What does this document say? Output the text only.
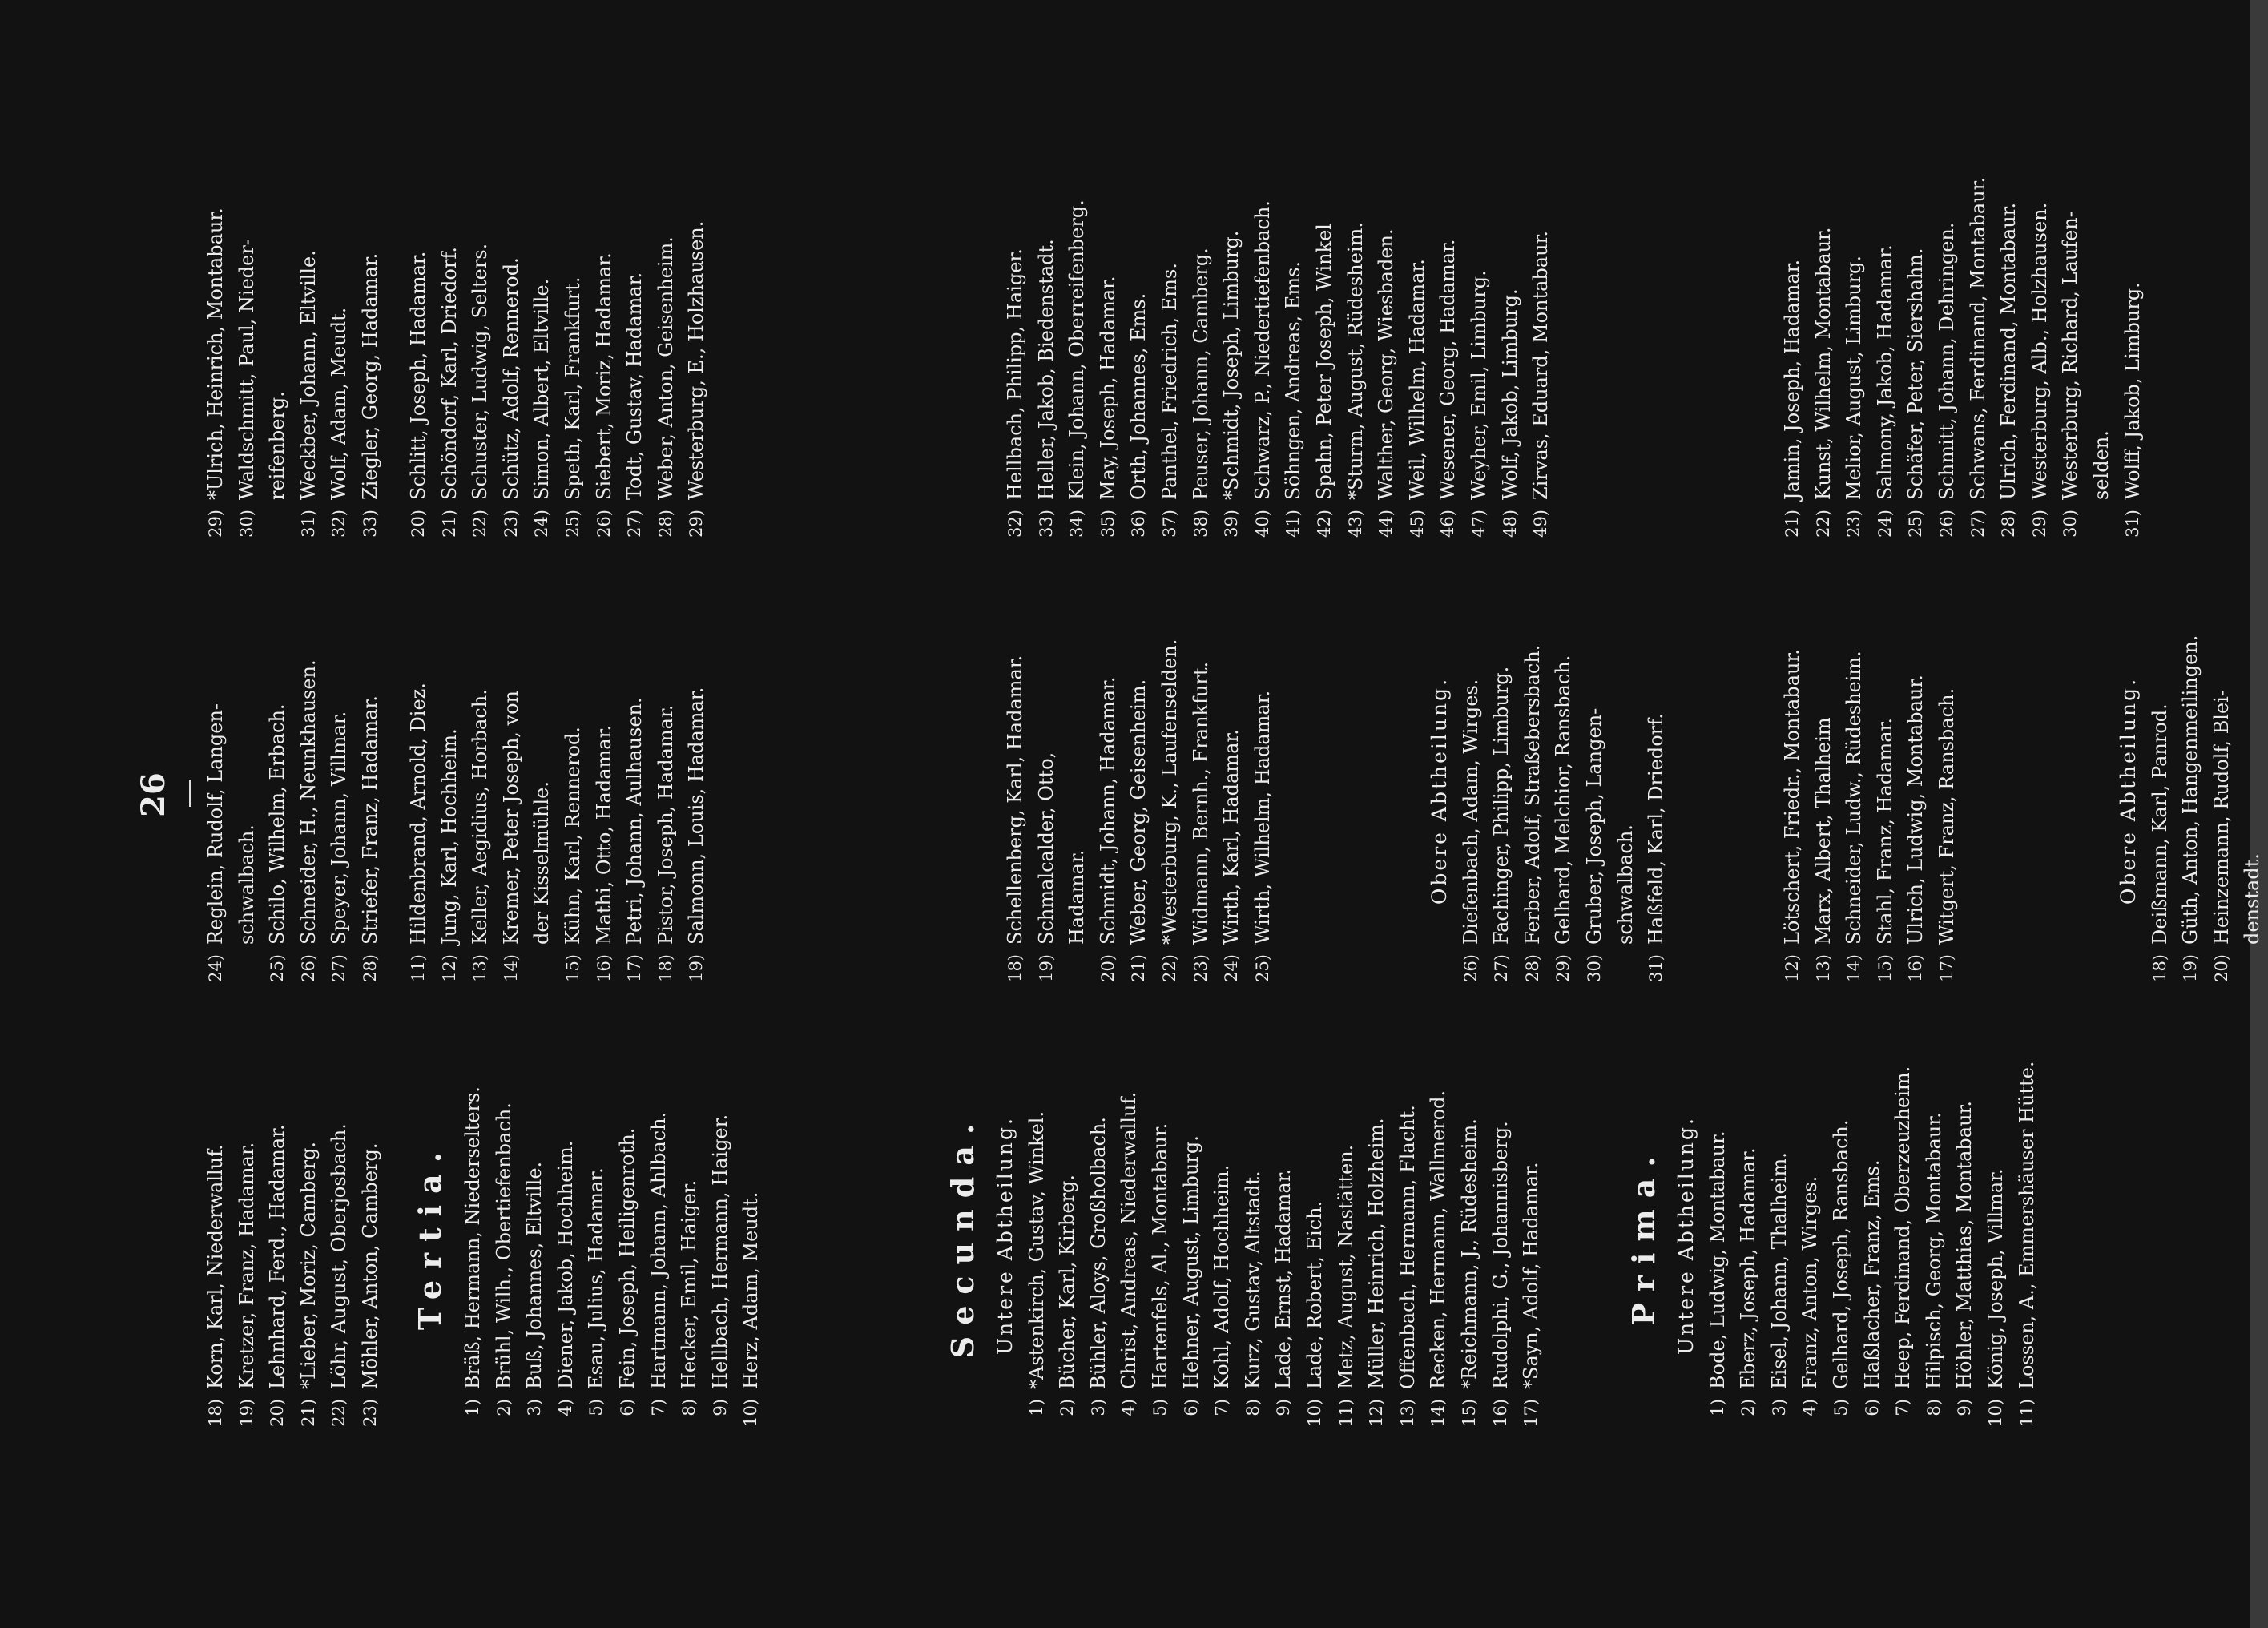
26
18)
Korn, Karl, Niederwalluf.
19)
Kretzer, Franz, Hadamar.
20)
Lehnhard, Ferd., Hadamar.
21)
*Lieber, Moriz, Camberg.
22)
Löhr, August, Oberjosbach.
23)
Möhler, Anton, Camberg. Tertia.
1)
Bräß, Hermann, Niederselters.
2)
Brühl, Wilh., Obertiefenbach.
3)
Buß, Johannes, Eltville.
4)
Diener, Jakob, Hochheim.
5)
Esau, Julius, Hadamar.
6)
Fein, Joseph, Heiligenroth.
7)
Hartmann, Johann, Ahlbach.
8)
Hecker, Emil, Haiger.
9)
Hellbach, Hermann, Haiger.
10)
Herz, Adam, Meudt.	Secunda. Untere Abtheilung.
1)
*Astenkirch, Gustav, Winkel.
2)
Bücher, Karl, Kirberg.
3)
Bühler, Aloys, Großholbach.
4)
Christ, Andreas, Niederwalluf.
5)
Hartenfels, Al., Montabaur.
6)
Hehner, August, Limburg.
7)
Kohl, Adolf, Hochheim.
8)
Kurz, Gustav, Altstadt.
9)
Lade, Ernst, Hadamar.
10)
Lade, Robert, Eich.
11)
Metz, August, Nastätten.
12)
Müller, Heinrich, Holzheim.
13)
Offenbach, Hermann, Flacht.
14)
Recken, Hermann, Wallmerod.
15)
*Reichmann, J., Rüdesheim.
16)
Rudolphi, G., Johannisberg.
17)
*Sayn, Adolf, Hadamar.	Prima. Untere Abtheilung.
1)
Bode, Ludwig, Montabaur.
2)
Eberz, Joseph, Hadamar.
3)
Eisel, Johann, Thalheim.
4)
Franz, Anton, Wirges.
5)
Gelhard, Joseph, Ransbach.
6)
Haßlacher, Franz, Ems.
7)
Heep, Ferdinand, Oberzeuzheim.
8)
Hilpisch, Georg, Montabaur.
9)
Höhler, Matthias, Montabaur.
10)
König, Joseph, Villmar.
11)
Lossen, A., Emmershäuser Hütte.
24)
Reglein, Rudolf, Langen- schwalbach.
25)
Schilo, Wilhelm, Erbach.
26)
Schneider, H., Neunkhausen.
27)
Speyer, Johann, Villmar.
28)
Striefer, Franz, Hadamar.
11)
Hildenbrand, Arnold, Diez.
12)
Jung, Karl, Hochheim.
13)
Keller, Aegidius, Horbach.
14)
Kremer, Peter Joseph, von der Kisselmühle.
15)
Kühn, Karl, Rennerod.
16)
Mathi, Otto, Hadamar.
17)
Petri, Johann, Aulhausen.
18)
Pistor, Joseph, Hadamar.
19)
Salmonn, Louis, Hadamar.
18)
Schellenberg, Karl, Hadamar.
19)
Schmalcalder, Otto, Hadamar.
20)
Schmidt, Johann, Hadamar.
21)
Weber, Georg, Geisenheim.
22)
*Westerburg, K., Laufenselden.
23)
Widmann, Bernh., Frankfurt.
24)
Wirth, Karl, Hadamar.
25)
Wirth, Wilhelm, Hadamar.	Obere Abtheilung.
26)
Diefenbach, Adam, Wirges.
27)
Fachinger, Philipp, Limburg.
28)
Ferber, Adolf, Straßebersbach.
29)
Gelhard, Melchior, Ransbach.
30)
Gruber, Joseph, Langen- schwalbach.
31)
Haßfeld, Karl, Driedorf.
12)
Lötschert, Friedr., Montabaur.
13)
Marx, Albert, Thalheim
14)
Schneider, Ludw., Rüdesheim.
15)
Stahl, Franz, Hadamar.
16)
Ulrich, Ludwig, Montabaur.
17)
Witgert, Franz, Ransbach.	Obere Abtheilung.
18)
Deißmann, Karl, Panrod.
19)
Güth, Anton, Hangenmeilingen.
20)
Heinzemann, Rudolf, Blei- denstadt.
29)
*Ulrich, Heinrich, Montabaur.
30)
Waldschmitt, Paul, Nieder- reifenberg.
31)
Weckber, Johann, Eltville.
32)
Wolf, Adam, Meudt.
33)
Ziegler, Georg, Hadamar.
20)
Schlitt, Joseph, Hadamar.
21)
Schöndorf, Karl, Driedorf.
22)
Schuster, Ludwig, Selters.
23)
Schütz, Adolf, Rennerod.
24)
Simon, Albert, Eltville.
25)
Speth, Karl, Frankfurt.
26)
Siebert, Moriz, Hadamar.
27)
Todt, Gustav, Hadamar.
28)
Weber, Anton, Geisenheim.
29)
Westerburg, E., Holzhausen.
32)
Hellbach, Philipp, Haiger.
33)
Heller, Jakob, Biedenstadt.
34)
Klein, Johann, Oberreifenberg.
35)
May, Joseph, Hadamar.
36)
Orth, Johannes, Ems.
37)
Panthel, Friedrich, Ems.
38)
Peuser, Johann, Camberg.
39)
*Schmidt, Joseph, Limburg.
40)
Schwarz, P., Niedertiefenbach.
41)
Söhngen, Andreas, Ems.
42)
Spahn, Peter Joseph, Winkel
43)
*Sturm, August, Rüdesheim.
44)
Walther, Georg, Wiesbaden.
45)
Weil, Wilhelm, Hadamar.
46)
Wesener, Georg, Hadamar.
47)
Weyher, Emil, Limburg.
48)
Wolf, Jakob, Limburg.
49)
Zirvas, Eduard, Montabaur.
21)
Jamin, Joseph, Hadamar.
22)
Kunst, Wilhelm, Montabaur.
23)
Melior, August, Limburg.
24)
Salmony, Jakob, Hadamar.
25)
Schäfer, Peter, Siershahn.
26)
Schmitt, Johann, Dehringen.
27)
Schwans, Ferdinand, Montabaur.
28)
Ulrich, Ferdinand, Montabaur.
29)
Westerburg, Alb., Holzhausen.
30)
Westerburg, Richard, Laufen- selden.
31)
Wolff, Jakob, Limburg.
